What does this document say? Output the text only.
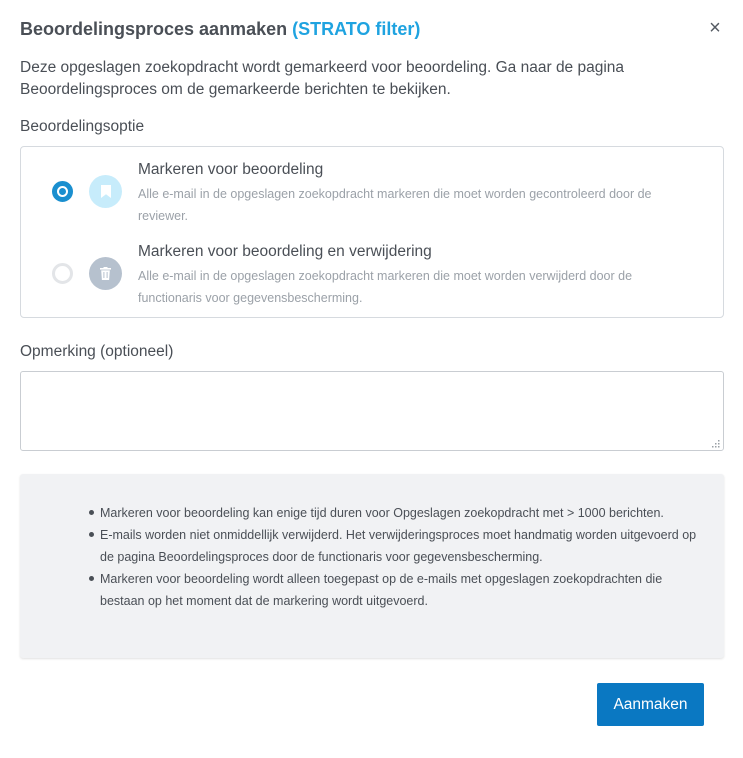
Beoordelingsproces aanmaken (STRATO filter)	×

Deze opgeslagen zoekopdracht wordt gemarkeerd voor beoordeling. Ga naar de pagina Beoordelingsproces om de gemarkeerde berichten te bekijken.

Beoordelingsoptie
Markeren voor beoordeling
Alle e-mail in de opgeslagen zoekopdracht markeren die moet worden gecontroleerd door de reviewer.
Markeren voor beoordeling en verwijdering
Alle e-mail in de opgeslagen zoekopdracht markeren die moet worden verwijderd door de functionaris voor gegevensbescherming.
Opmerking (optioneel)
Markeren voor beoordeling kan enige tijd duren voor Opgeslagen zoekopdracht met > 1000 berichten.
E-mails worden niet onmiddellijk verwijderd. Het verwijderingsproces moet handmatig worden uitgevoerd op de pagina Beoordelingsproces door de functionaris voor gegevensbescherming.
Markeren voor beoordeling wordt alleen toegepast op de e-mails met opgeslagen zoekopdrachten die bestaan op het moment dat de markering wordt uitgevoerd.
Aanmaken
